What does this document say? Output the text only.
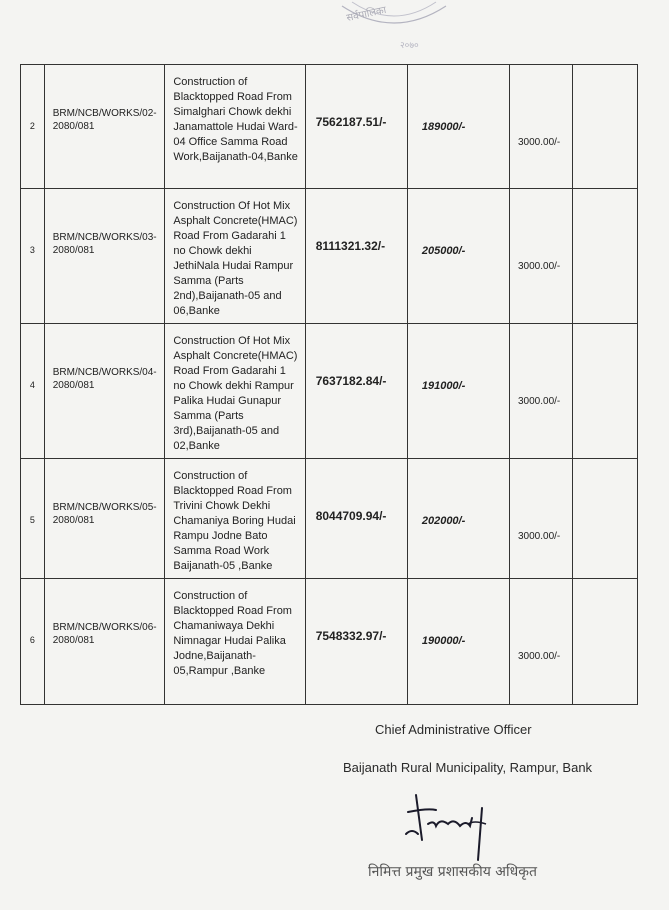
२०७०
सर्वपालिका
2	BRM/NCB/WORKS/02-2080/081	Construction of Blacktopped Road From Simalghari Chowk dekhi Janamattole Hudai Ward-04 Office Samma Road Work,Baijanath-04,Banke	7562187.51/-	189000/-	3000.00/-	

3	BRM/NCB/WORKS/03-2080/081	Construction Of Hot Mix Asphalt Concrete(HMAC) Road From Gadarahi 1 no Chowk dekhi JethiNala Hudai Rampur Samma (Parts 2nd),Baijanath-05 and 06,Banke	8111321.32/-	205000/-	3000.00/-	

4	BRM/NCB/WORKS/04-2080/081	Construction Of Hot Mix Asphalt Concrete(HMAC) Road From Gadarahi 1 no Chowk dekhi Rampur Palika Hudai Gunapur Samma (Parts 3rd),Baijanath-05 and 02,Banke	7637182.84/-	191000/-	3000.00/-	

5	BRM/NCB/WORKS/05-2080/081	Construction of Blacktopped Road From Trivini Chowk Dekhi Chamaniya Boring Hudai Rampu Jodne Bato Samma Road Work Baijanath-05 ,Banke	8044709.94/-	202000/-	3000.00/-	

6	BRM/NCB/WORKS/06-2080/081	Construction of Blacktopped Road From Chamaniwaya Dekhi Nimnagar Hudai Palika Jodne,Baijanath-05,Rampur ,Banke	7548332.97/-	190000/-	3000.00/-	

Chief Administrative Officer
Baijanath Rural Municipality, Rampur, Bank
निमित्त प्रमुख प्रशासकीय अधिकृत
